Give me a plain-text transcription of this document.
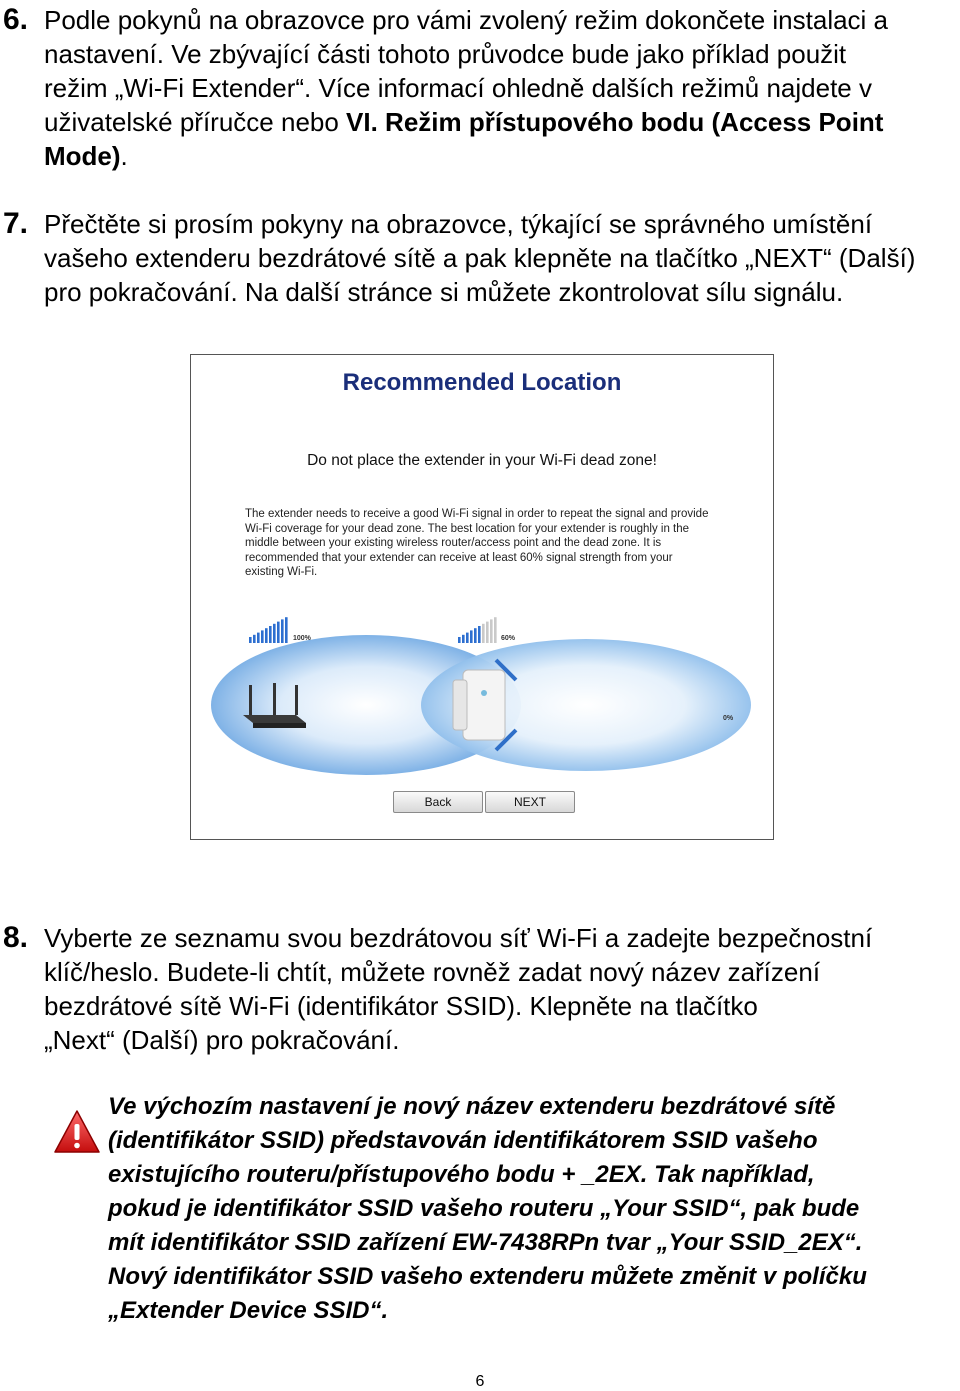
6. Podle pokynů na obrazovce pro vámi zvolený režim dokončete instalaci a
nastavení. Ve zbývající části tohoto průvodce bude jako příklad použit
režim „Wi-Fi Extender“. Více informací ohledně dalších režimů najdete v
uživatelské příručce nebo VI. Režim přístupového bodu (Access Point
Mode).
7. Přečtěte si prosím pokyny na obrazovce, týkající se správného umístění
vašeho extenderu bezdrátové sítě a pak klepněte na tlačítko „NEXT“ (Další)
pro pokračování. Na další stránce si můžete zkontrolovat sílu signálu.
Recommended Location
Do not place the extender in your Wi-Fi dead zone!
The extender needs to receive a good Wi-Fi signal in order to repeat the signal and provide
Wi-Fi coverage for your dead zone. The best location for your extender is roughly in the
middle between your existing wireless router/access point and the dead zone. It is
recommended that your extender can receive at least 60% signal strength from your
existing Wi-Fi.
100%	60%
0%
Back	NEXT
8. Vyberte ze seznamu svou bezdrátovou síť Wi-Fi a zadejte bezpečnostní
klíč/heslo. Budete-li chtít, můžete rovněž zadat nový název zařízení
bezdrátové sítě Wi-Fi (identifikátor SSID). Klepněte na tlačítko
„Next“ (Další) pro pokračování.
Ve výchozím nastavení je nový název extenderu bezdrátové sítě
(identifikátor SSID) představován identifikátorem SSID vašeho
existujícího routeru/přístupového bodu + _2EX. Tak například,
pokud je identifikátor SSID vašeho routeru „Your SSID“, pak bude
mít identifikátor SSID zařízení EW-7438RPn tvar „Your SSID_2EX“.
Nový identifikátor SSID vašeho extenderu můžete změnit v políčku
„Extender Device SSID“.
6
